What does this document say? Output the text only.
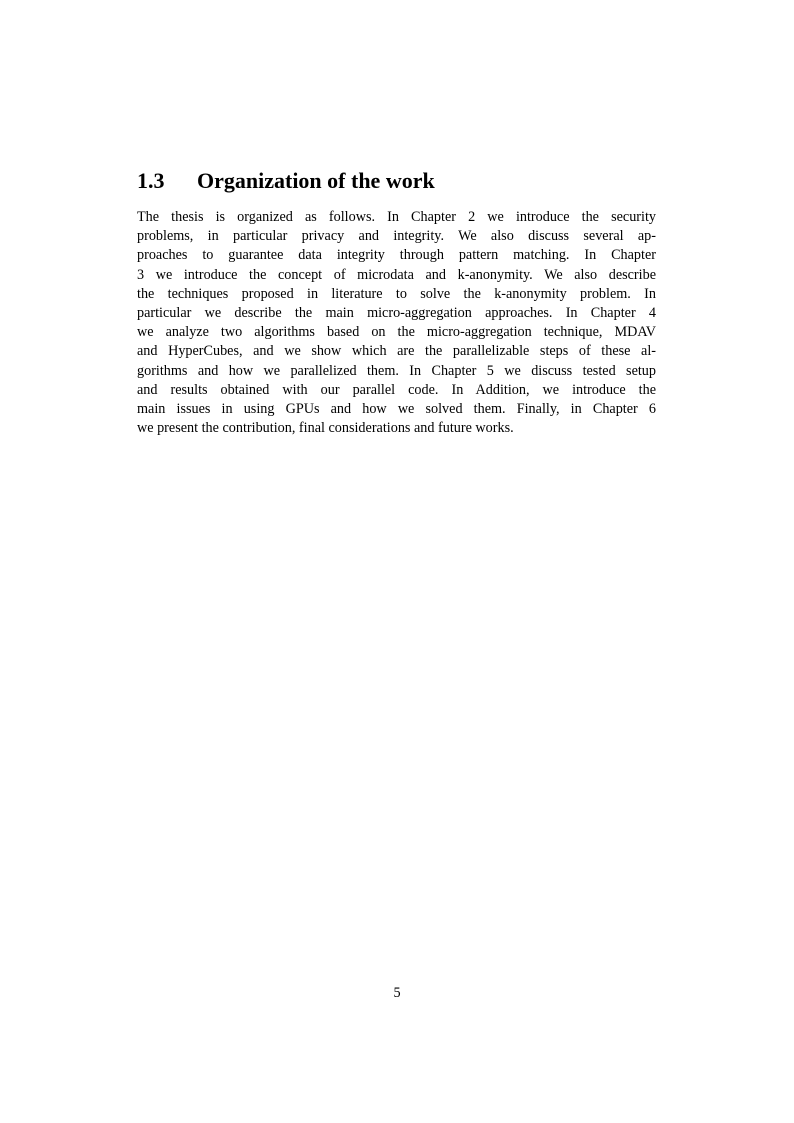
1.3 Organization of the work

The thesis is organized as follows. In Chapter 2 we introduce the security
problems, in particular privacy and integrity. We also discuss several ap-
proaches to guarantee data integrity through pattern matching. In Chapter
3 we introduce the concept of microdata and k-anonymity. We also describe
the techniques proposed in literature to solve the k-anonymity problem. In
particular we describe the main micro-aggregation approaches. In Chapter 4
we analyze two algorithms based on the micro-aggregation technique, MDAV
and HyperCubes, and we show which are the parallelizable steps of these al-
gorithms and how we parallelized them. In Chapter 5 we discuss tested setup
and results obtained with our parallel code. In Addition, we introduce the
main issues in using GPUs and how we solved them. Finally, in Chapter 6
we present the contribution, final considerations and future works.

5
